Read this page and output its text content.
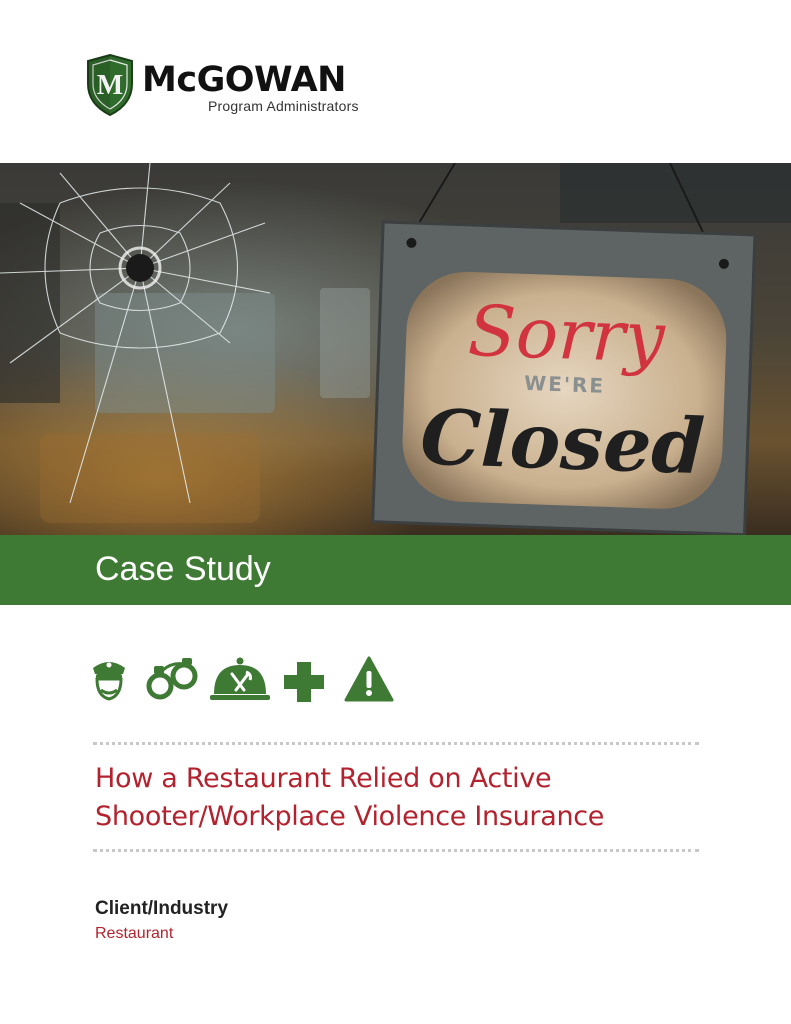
M McGOWAN
Program Administrators
Sorry
WE'RE
Closed
Case Study
How a Restaurant Relied on Active
Shooter/Workplace Violence Insurance
Client/Industry
Restaurant
